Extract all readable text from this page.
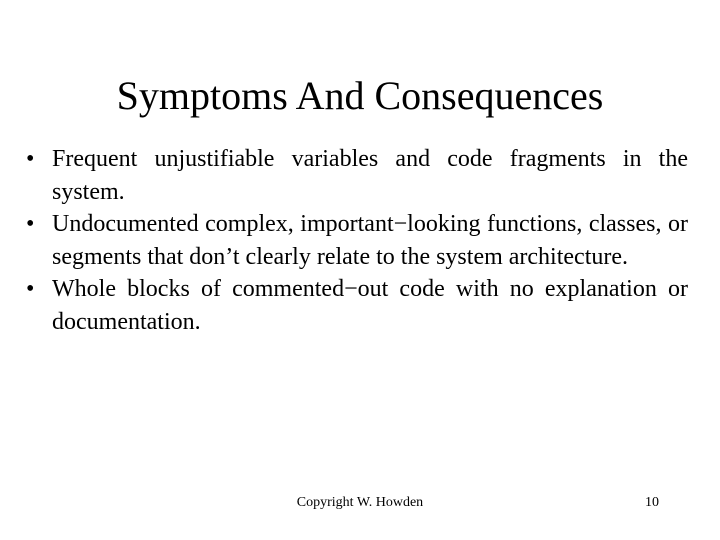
Symptoms And Consequences
• Frequent unjustifiable variables and code fragments in the system.
• Undocumented complex, important−looking functions, classes, or segments that don’t clearly relate to the system architecture.
• Whole blocks of commented−out code with no explanation or documentation.
Copyright W. Howden	10
